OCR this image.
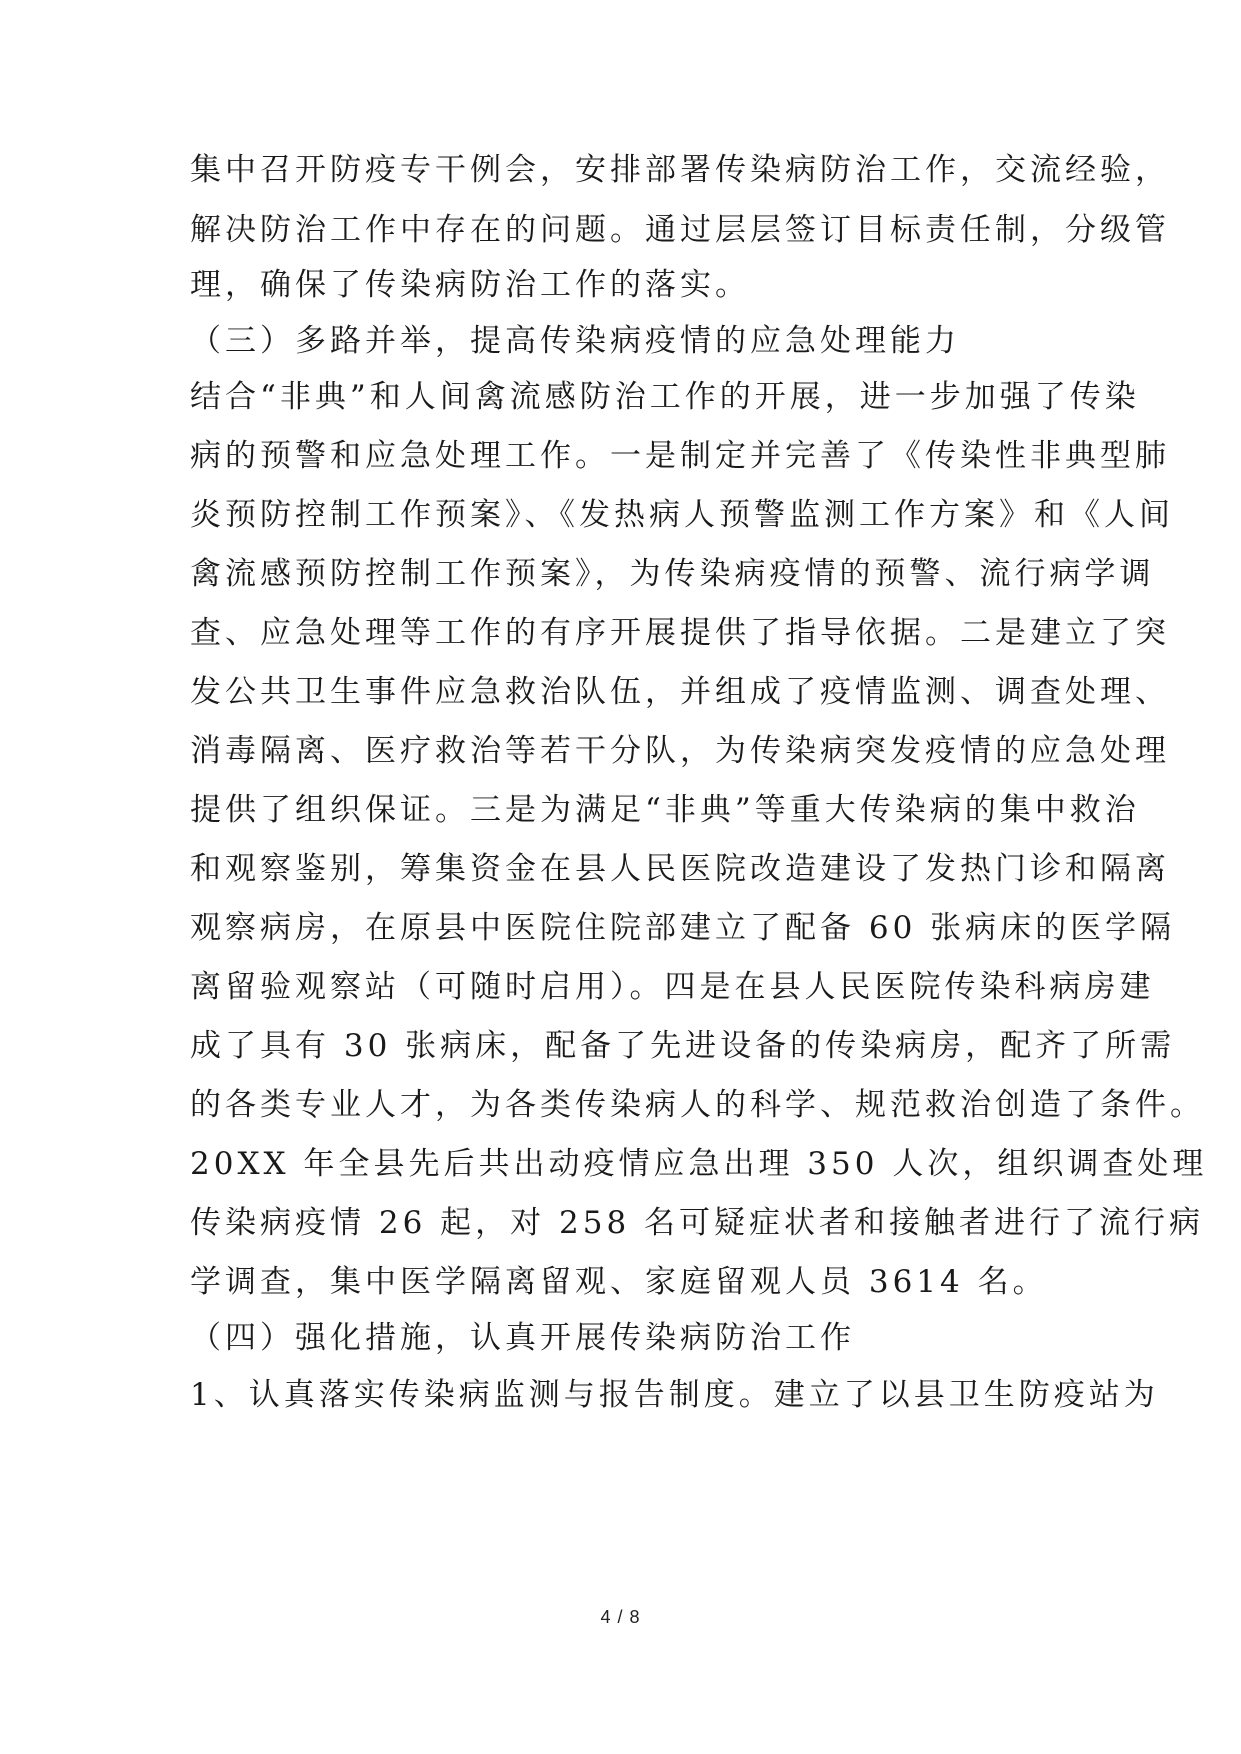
集中召开防疫专干例会，安排部署传染病防治工作，交流经验，
解决防治工作中存在的问题。通过层层签订目标责任制，分级管
理，确保了传染病防治工作的落实。
（三）多路并举，提高传染病疫情的应急处理能力
结合“非典”和人间禽流感防治工作的开展，进一步加强了传染
病的预警和应急处理工作。一是制定并完善了《传染性非典型肺
炎预防控制工作预案》、《发热病人预警监测工作方案》和《人间
禽流感预防控制工作预案》，为传染病疫情的预警、流行病学调
查、应急处理等工作的有序开展提供了指导依据。二是建立了突
发公共卫生事件应急救治队伍，并组成了疫情监测、调查处理、
消毒隔离、医疗救治等若干分队，为传染病突发疫情的应急处理
提供了组织保证。三是为满足“非典”等重大传染病的集中救治
和观察鉴别，筹集资金在县人民医院改造建设了发热门诊和隔离
观察病房，在原县中医院住院部建立了配备 60 张病床的医学隔
离留验观察站（可随时启用）。四是在县人民医院传染科病房建
成了具有 30 张病床，配备了先进设备的传染病房，配齐了所需
的各类专业人才，为各类传染病人的科学、规范救治创造了条件。
20XX 年全县先后共出动疫情应急出理 350 人次，组织调查处理
传染病疫情 26 起，对 258 名可疑症状者和接触者进行了流行病
学调查，集中医学隔离留观、家庭留观人员 3614 名。
（四）强化措施，认真开展传染病防治工作
1、认真落实传染病监测与报告制度。建立了以县卫生防疫站为
4 / 8
